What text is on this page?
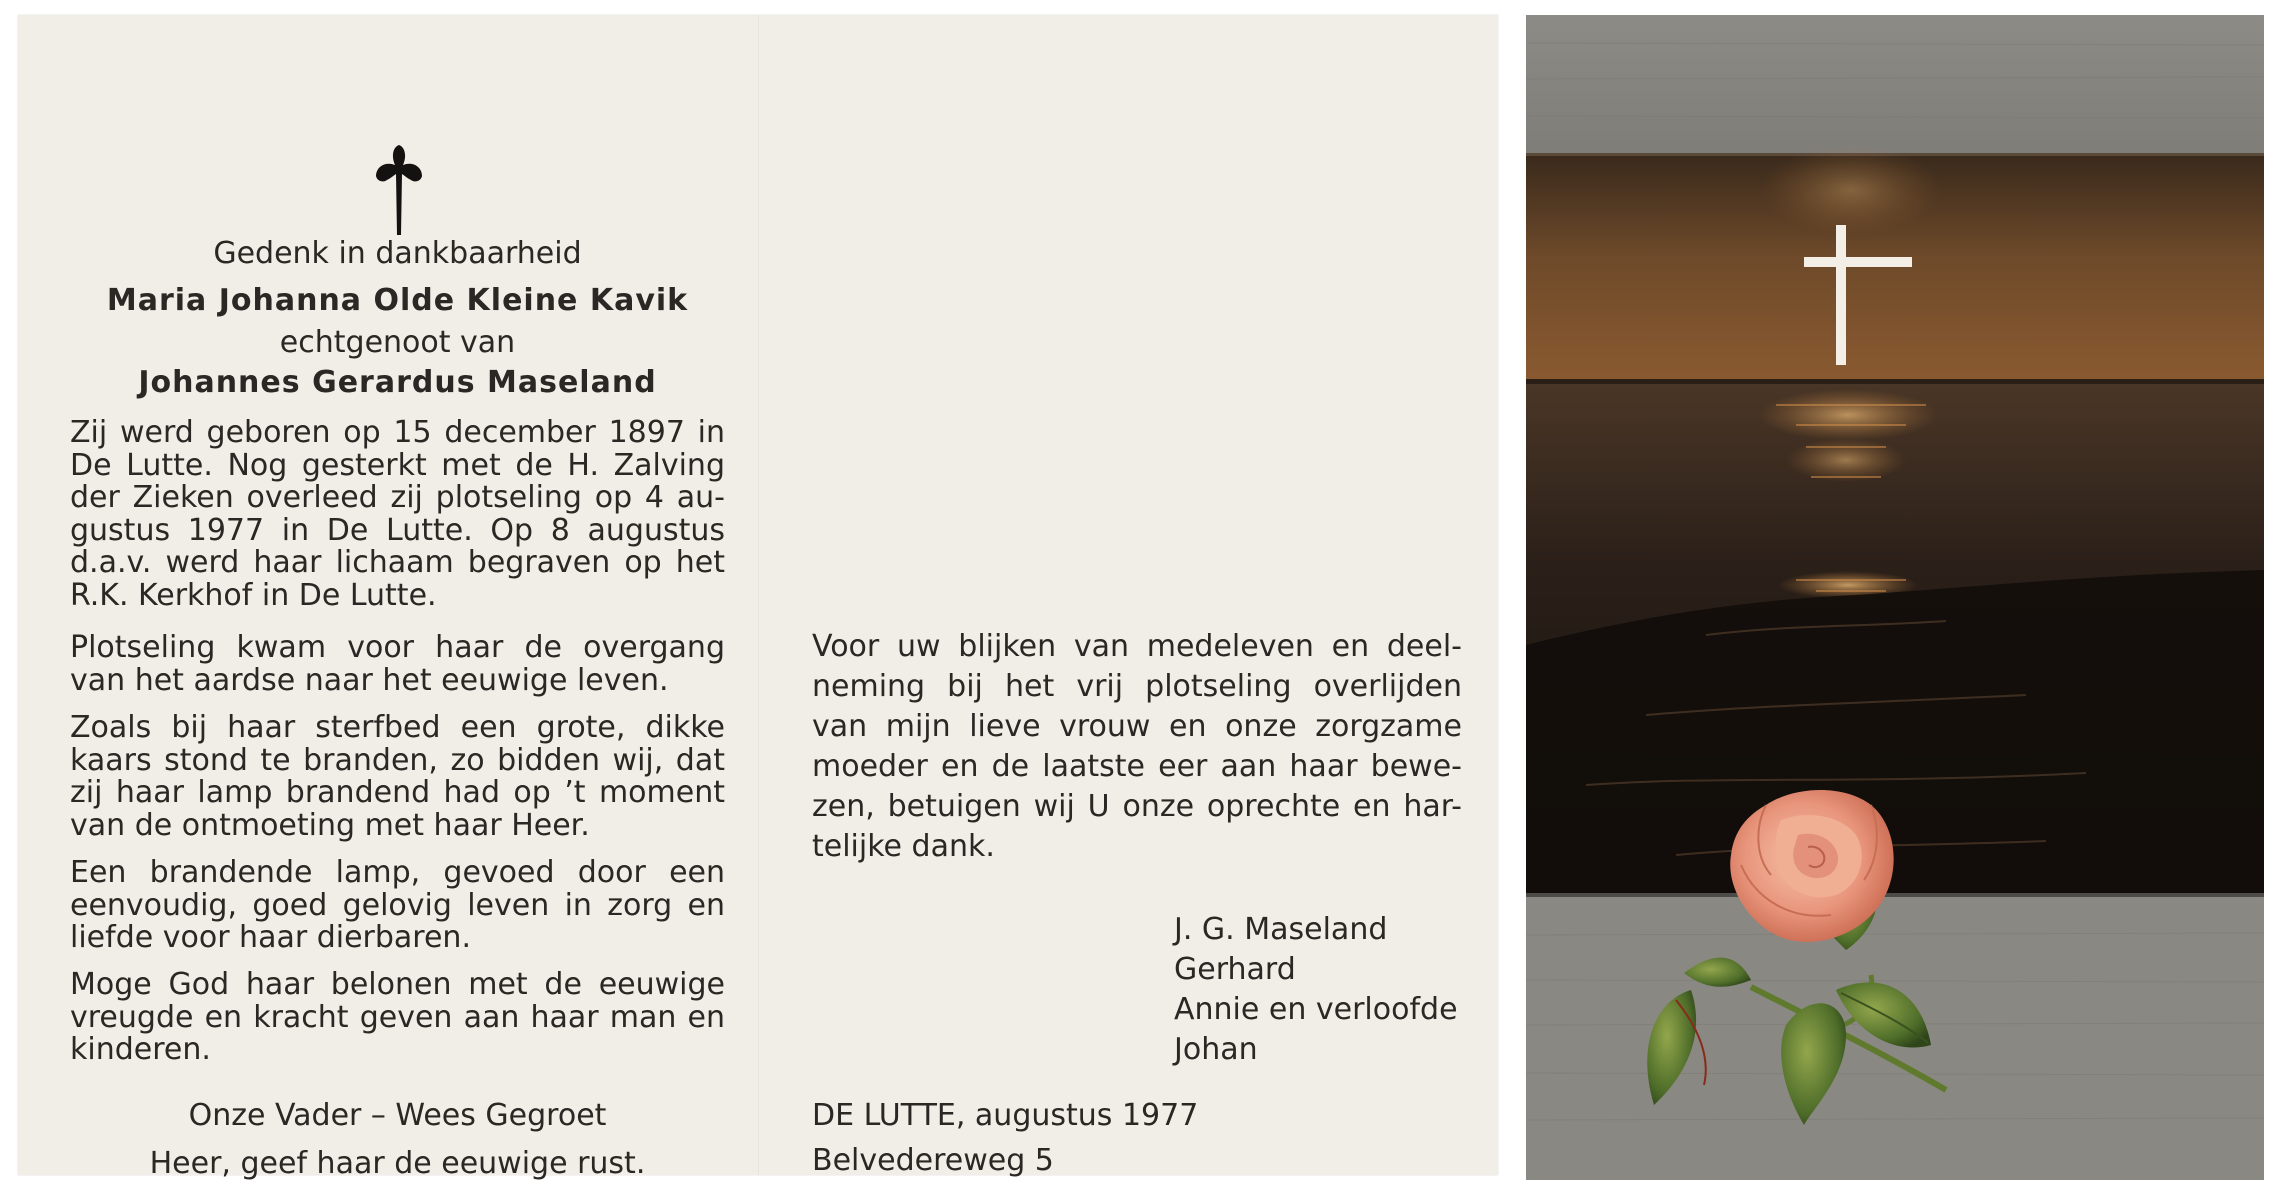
Gedenk in dankbaarheid
Maria Johanna Olde Kleine Kavik
echtgenoot van
Johannes Gerardus Maseland
Zij werd geboren op 15 december 1897 in
De Lutte. Nog gesterkt met de H. Zalving
der Zieken overleed zij plotseling op 4 au-
gustus 1977 in De Lutte. Op 8 augustus
d.a.v. werd haar lichaam begraven op het
R.K. Kerkhof in De Lutte.
Plotseling kwam voor haar de overgang
van het aardse naar het eeuwige leven.
Zoals bij haar sterfbed een grote, dikke
kaars stond te branden, zo bidden wij, dat
zij haar lamp brandend had op ’t moment
van de ontmoeting met haar Heer.
Een brandende lamp, gevoed door een
eenvoudig, goed gelovig leven in zorg en
liefde voor haar dierbaren.
Moge God haar belonen met de eeuwige
vreugde en kracht geven aan haar man en
kinderen.
Onze Vader – Wees Gegroet
Heer, geef haar de eeuwige rust.
Voor uw blijken van medeleven en deel-
neming bij het vrij plotseling overlijden
van mijn lieve vrouw en onze zorgzame
moeder en de laatste eer aan haar bewe-
zen, betuigen wij U onze oprechte en har-
telijke dank.
J. G. Maseland
Gerhard
Annie en verloofde
Johan
DE LUTTE, augustus 1977
Belvedereweg 5
